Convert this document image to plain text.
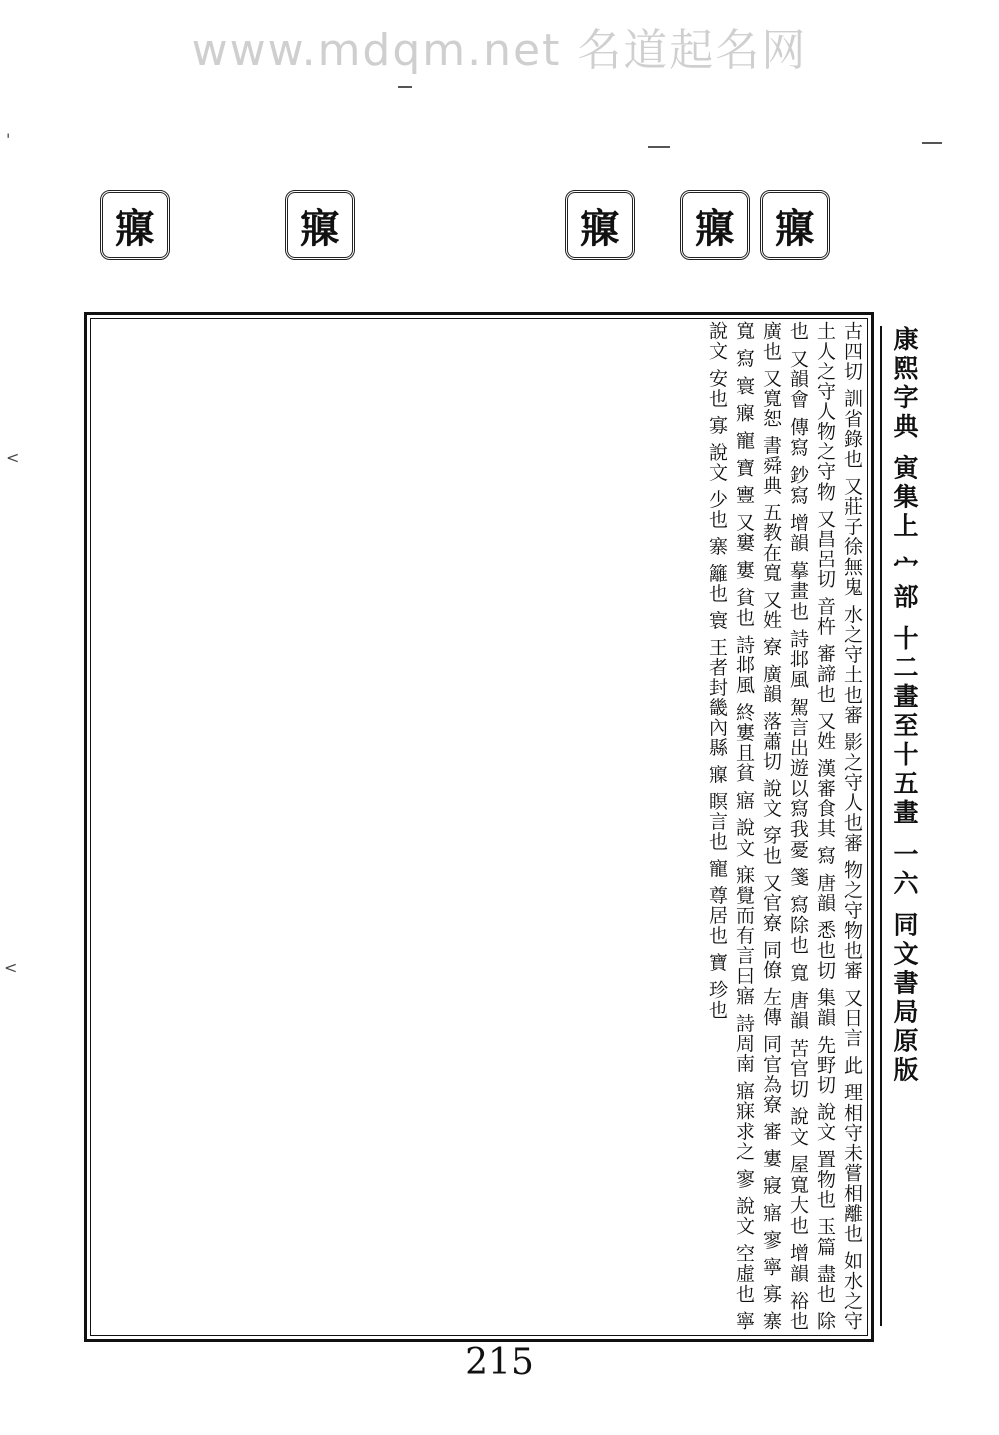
www.mdqm.net 名道起名网
寱	寱	寱 寱 寱
古四切 訓省錄也 又莊子徐無鬼 水之守土也審 影之守人也審 物之守物也審 又日言 此 理相守未嘗相離也 如水之守土人之守人物之守物 又昌呂切 音杵 審諦也 又姓 漢審食其 寫 唐韻 悉也切 集韻 先野切 說文 置物也 玉篇 盡也 除也 又韻會 傳寫 鈔寫 增韻 摹畫也 詩邶風 駕言出遊以寫我憂 箋 寫除也 寬 唐韻 苦官切 說文 屋寬大也 增韻 裕也 廣也 又寬恕 書舜典 五教在寬 又姓 寮 廣韻 落蕭切 說文 穿也 又官寮 同僚 左傳 同官為寮 審 寠 寢 寤 寥 寧 寡 寨 寬 寫 寰 寱 寵 寶 寷 又窶 寠 貧也 詩邶風 終寠且貧 寤 說文 寐覺而有言曰寤 詩周南 寤寐求之 寥 說文 空虛也 寧 說文 安也 寡 說文 少也 寨 籬也 寰 王者封畿內縣 寱 瞑言也 寵 尊居也 寶 珍也	康熙字典 寅集上 宀部 十二畫至十五畫 一六 同文書局原版
215
'
<
<
